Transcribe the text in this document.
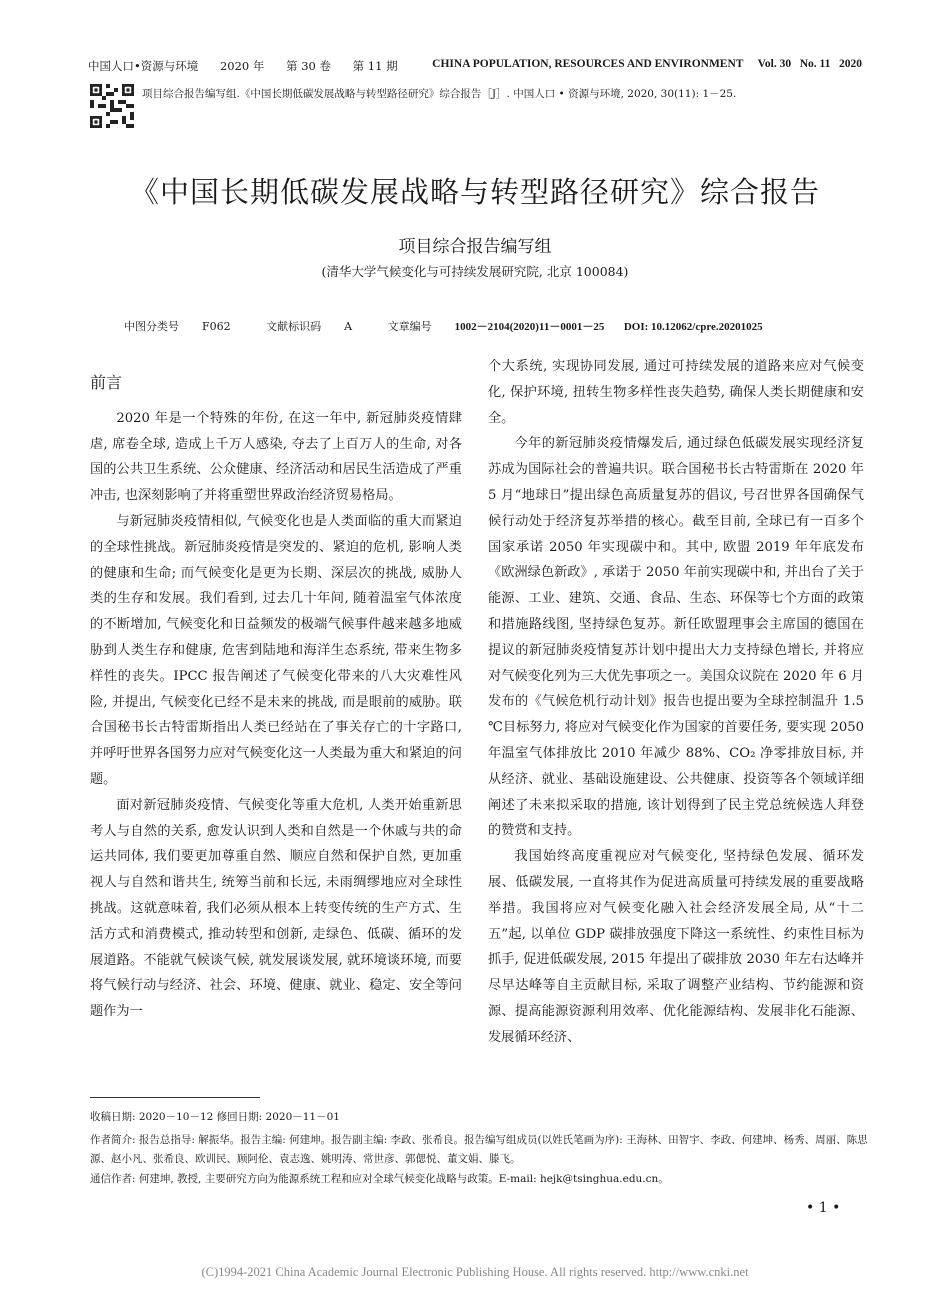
中国人口•资源与环境 2020 年 第 30 卷 第 11 期	CHINA POPULATION, RESOURCES AND ENVIRONMENT Vol. 30 No. 11 2020
项目综合报告编写组.《中国长期低碳发展战略与转型路径研究》综合报告［J］. 中国人口 • 资源与环境, 2020, 30(11): 1－25.
《中国长期低碳发展战略与转型路径研究》综合报告
项目综合报告编写组
(清华大学气候变化与可持续发展研究院, 北京 100084)
中图分类号 F062	文献标识码 A	文章编号 1002－2104(2020)11－0001－25 DOI: 10.12062/cpre.20201025
前言

2020 年是一个特殊的年份, 在这一年中, 新冠肺炎疫情肆虐, 席卷全球, 造成上千万人感染, 夺去了上百万人的生命, 对各国的公共卫生系统、公众健康、经济活动和居民生活造成了严重冲击, 也深刻影响了并将重塑世界政治经济贸易格局。

与新冠肺炎疫情相似, 气候变化也是人类面临的重大而紧迫的全球性挑战。新冠肺炎疫情是突发的、紧迫的危机, 影响人类的健康和生命; 而气候变化是更为长期、深层次的挑战, 威胁人类的生存和发展。我们看到, 过去几十年间, 随着温室气体浓度的不断增加, 气候变化和日益频发的极端气候事件越来越多地威胁到人类生存和健康, 危害到陆地和海洋生态系统, 带来生物多样性的丧失。IPCC 报告阐述了气候变化带来的八大灾难性风险, 并提出, 气候变化已经不是未来的挑战, 而是眼前的威胁。联合国秘书长古特雷斯指出人类已经站在了事关存亡的十字路口, 并呼吁世界各国努力应对气候变化这一人类最为重大和紧迫的问题。

面对新冠肺炎疫情、气候变化等重大危机, 人类开始重新思考人与自然的关系, 愈发认识到人类和自然是一个休戚与共的命运共同体, 我们要更加尊重自然、顺应自然和保护自然, 更加重视人与自然和谐共生, 统筹当前和长远, 未雨绸缪地应对全球性挑战。这就意味着, 我们必须从根本上转变传统的生产方式、生活方式和消费模式, 推动转型和创新, 走绿色、低碳、循环的发展道路。不能就气候谈气候, 就发展谈发展, 就环境谈环境, 而要将气候行动与经济、社会、环境、健康、就业、稳定、安全等问题作为一

个大系统, 实现协同发展, 通过可持续发展的道路来应对气候变化, 保护环境, 扭转生物多样性丧失趋势, 确保人类长期健康和安全。

今年的新冠肺炎疫情爆发后, 通过绿色低碳发展实现经济复苏成为国际社会的普遍共识。联合国秘书长古特雷斯在 2020 年 5 月“地球日”提出绿色高质量复苏的倡议, 号召世界各国确保气候行动处于经济复苏举措的核心。截至目前, 全球已有一百多个国家承诺 2050 年实现碳中和。其中, 欧盟 2019 年年底发布《欧洲绿色新政》, 承诺于 2050 年前实现碳中和, 并出台了关于能源、工业、建筑、交通、食品、生态、环保等七个方面的政策和措施路线图, 坚持绿色复苏。新任欧盟理事会主席国的德国在提议的新冠肺炎疫情复苏计划中提出大力支持绿色增长, 并将应对气候变化列为三大优先事项之一。美国众议院在 2020 年 6 月发布的《气候危机行动计划》报告也提出要为全球控制温升 1.5 ℃目标努力, 将应对气候变化作为国家的首要任务, 要实现 2050 年温室气体排放比 2010 年减少 88%、CO₂ 净零排放目标, 并从经济、就业、基础设施建设、公共健康、投资等各个领域详细阐述了未来拟采取的措施, 该计划得到了民主党总统候选人拜登的赞赏和支持。

我国始终高度重视应对气候变化, 坚持绿色发展、循环发展、低碳发展, 一直将其作为促进高质量可持续发展的重要战略举措。我国将应对气候变化融入社会经济发展全局, 从“十二五”起, 以单位 GDP 碳排放强度下降这一系统性、约束性目标为抓手, 促进低碳发展, 2015 年提出了碳排放 2030 年左右达峰并尽早达峰等自主贡献目标, 采取了调整产业结构、节约能源和资源、提高能源资源利用效率、优化能源结构、发展非化石能源、发展循环经济、

收稿日期: 2020－10－12 修回日期: 2020－11－01
作者简介: 报告总指导: 解振华。报告主编: 何建坤。报告副主编: 李政、张希良。报告编写组成员(以姓氏笔画为序): 王海林、田智宇、李政、何建坤、杨秀、周丽、陈思源、赵小凡、张希良、欧训民、顾阿伦、袁志逸、姚明涛、常世彦、郭偲悦、董文娟、滕飞。
通信作者: 何建坤, 教授, 主要研究方向为能源系统工程和应对全球气候变化战略与政策。E-mail: hejk@tsinghua.edu.cn。
• 1 •
(C)1994-2021 China Academic Journal Electronic Publishing House. All rights reserved. http://www.cnki.net
